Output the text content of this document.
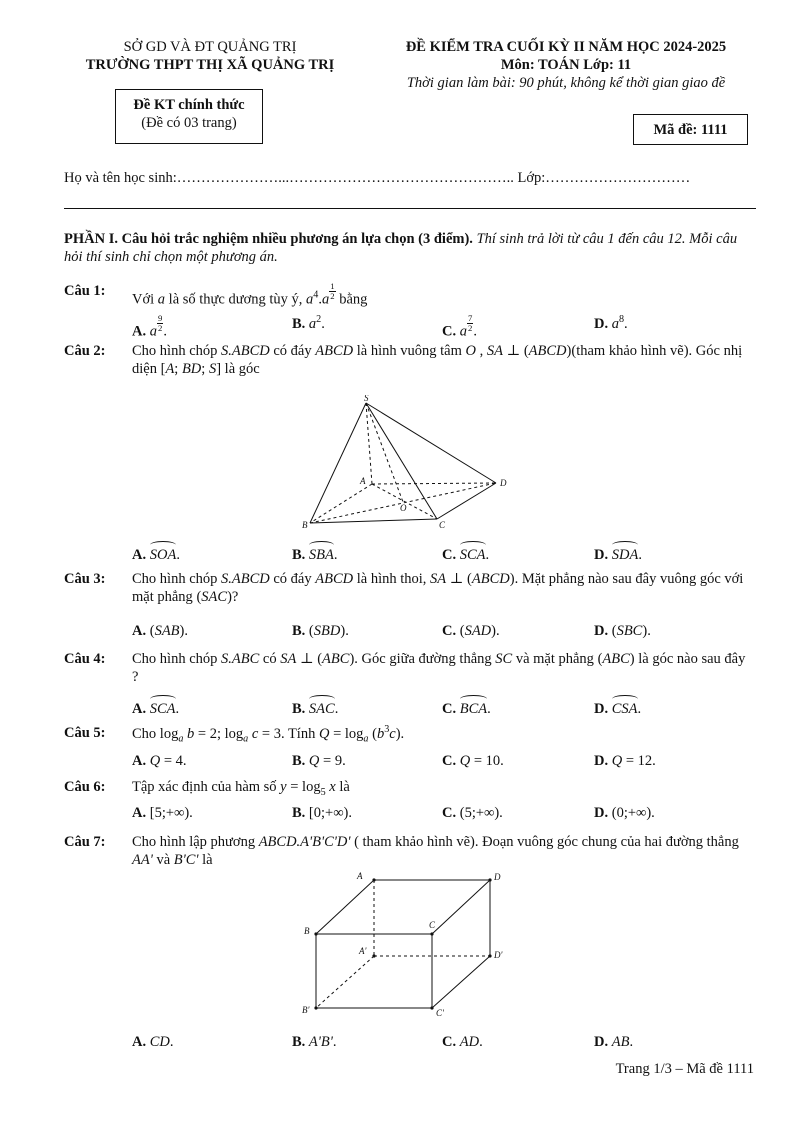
SỞ GD VÀ ĐT QUẢNG TRỊ
TRƯỜNG THPT THỊ XÃ QUẢNG TRỊ
ĐỀ KIỂM TRA CUỐI KỲ II NĂM HỌC 2024-2025
Môn: TOÁN Lớp: 11
Thời gian làm bài: 90 phút, không kể thời gian giao đề
Đề KT chính thức
(Đề có 03 trang)	Mã đề: 1111
Họ và tên học sinh:…………………...……………………………………….. Lớp:…………………………
PHẦN I. Câu hỏi trắc nghiệm nhiều phương án lựa chọn (3 điểm). Thí sinh trả lời từ câu 1 đến câu 12. Mỗi câu hỏi thí sinh chỉ chọn một phương án.
Câu 1:
Với a là số thực dương tùy ý, $a^4.a \frac{1}{2}$ bằng
A. a $\frac{9}{2}$ .	B. $a^2$.	C. a $\frac{7}{2}$ .	D. $a^8$.
Câu 2: Cho hình chóp S.ABCD có đáy ABCD là hình vuông tâm O , SA ⊥ (ABCD)(tham khảo hình vẽ). Góc nhị diện [A; BD; S] là góc
S
A	D
O
C
B
A. SOA.	B. SBA.	C. SCA.	D. SDA.
Câu 3: Cho hình chóp S.ABCD có đáy ABCD là hình thoi, SA ⊥ (ABCD). Mặt phẳng nào sau đây vuông góc với mặt phẳng (SAC)?
A. (SAB).	B. (SBD).	C. (SAD).	D. (SBC).
Câu 4: Cho hình chóp S.ABC có SA ⊥ (ABC). Góc giữa đường thẳng SC và mặt phẳng (ABC) là góc nào sau đây ?
A. SCA.	B. SAC.	C. BCA.	D. CSA.
Câu 5: Cho $\log_a b = 2$; $\log_a c = 3$. Tính $Q = \log_a (b^3c)$.
A. Q = 4.	B. Q = 9.	C. Q = 10.	D. Q = 12.
Câu 6: Tập xác định của hàm số $y = \log_5 x$ là
A. [5;+∞).	B. [0;+∞).	C. (5;+∞).	D. (0;+∞).
Câu 7: Cho hình lập phương ABCD.A'B'C'D' ( tham khảo hình vẽ). Đoạn vuông góc chung của hai đường thẳng AA' và B'C' là
A	D
B
C
A'	D'
B'	C'
A. CD.	B. A'B'.	C. AD.	D. AB.
Trang 1/3 – Mã đề 1111
